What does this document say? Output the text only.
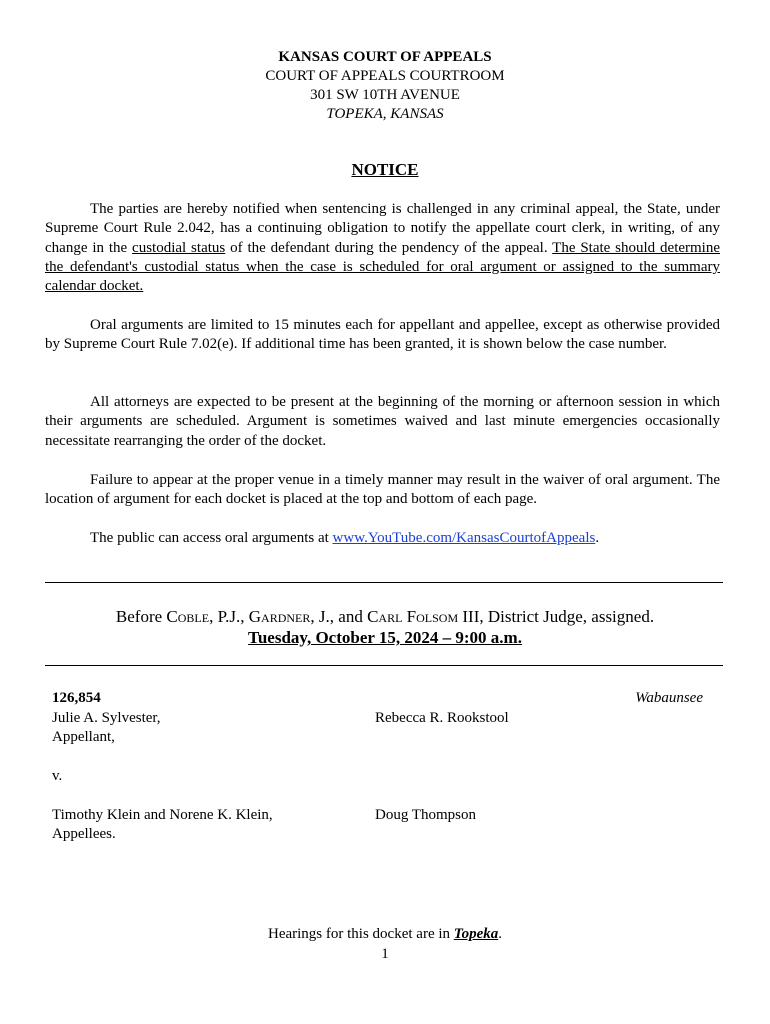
KANSAS COURT OF APPEALS
COURT OF APPEALS COURTROOM
301 SW 10TH AVENUE
TOPEKA, KANSAS
NOTICE
The parties are hereby notified when sentencing is challenged in any criminal appeal, the State, under Supreme Court Rule 2.042, has a continuing obligation to notify the appellate court clerk, in writing, of any change in the custodial status of the defendant during the pendency of the appeal. The State should determine the defendant's custodial status when the case is scheduled for oral argument or assigned to the summary calendar docket.
Oral arguments are limited to 15 minutes each for appellant and appellee, except as otherwise provided by Supreme Court Rule 7.02(e). If additional time has been granted, it is shown below the case number.
All attorneys are expected to be present at the beginning of the morning or afternoon session in which their arguments are scheduled. Argument is sometimes waived and last minute emergencies occasionally necessitate rearranging the order of the docket.
Failure to appear at the proper venue in a timely manner may result in the waiver of oral argument. The location of argument for each docket is placed at the top and bottom of each page.
The public can access oral arguments at www.YouTube.com/KansasCourtofAppeals.
Before Coble, P.J., Gardner, J., and Carl Folsom III, District Judge, assigned.
Tuesday, October 15, 2024 – 9:00 a.m.
126,854	Wabaunsee
Julie A. Sylvester,
Appellant,
Rebecca R. Rookstool
v.
Timothy Klein and Norene K. Klein,
Appellees.
Doug Thompson
Hearings for this docket are in Topeka.
1
